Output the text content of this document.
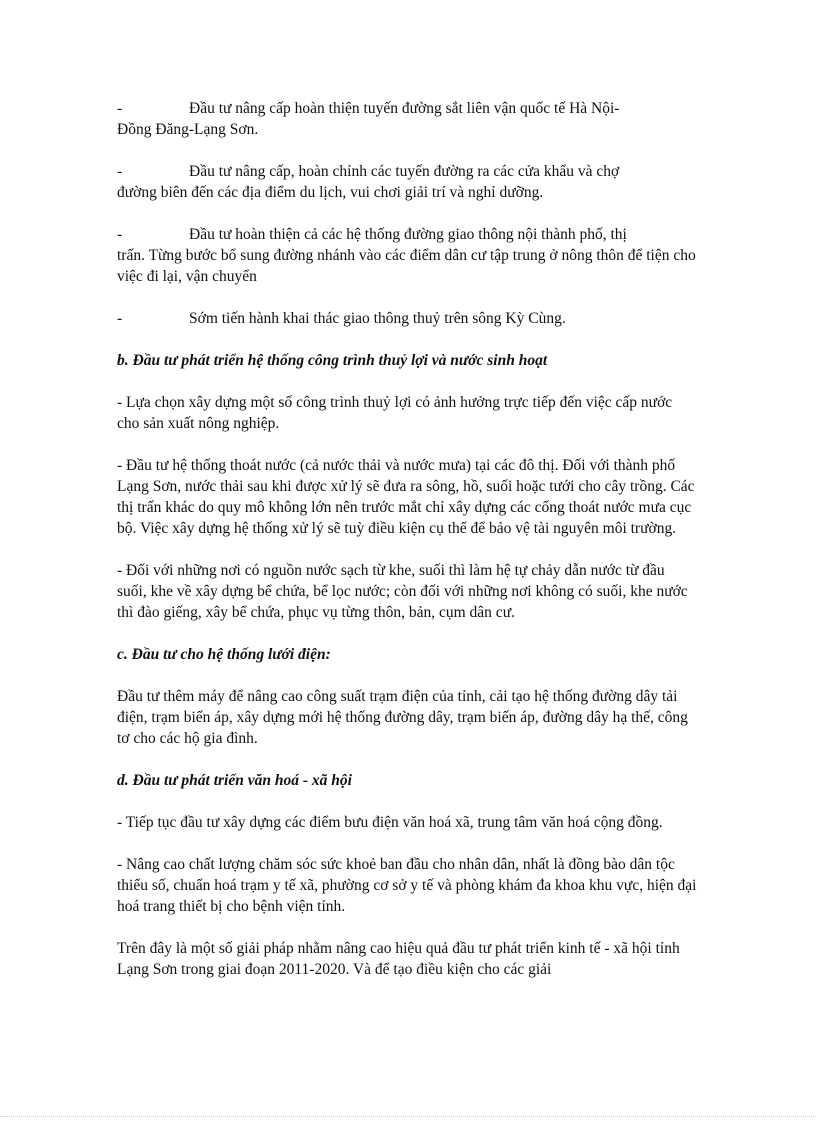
-	Đầu tư nâng cấp hoàn thiện tuyến đường sắt liên vận quốc tế Hà Nội-
Đồng Đăng-Lạng Sơn.
-	Đầu tư nâng cấp, hoàn chỉnh các tuyến đường ra các cửa khẩu và chợ
đường biên đến các địa điểm du lịch, vui chơi giải trí và nghỉ dưỡng.
-	Đầu tư hoàn thiện cả các hệ thống đường giao thông nội thành phố, thị
trấn. Từng bước bổ sung đường nhánh vào các điểm dân cư tập trung ở nông thôn để tiện cho việc đi lại, vận chuyển
-	Sớm tiến hành khai thác giao thông thuỷ trên sông Kỳ Cùng.
b. Đầu tư phát triển hệ thống công trình thuỷ lợi và nước sinh hoạt
- Lựa chọn xây dựng một số công trình thuỷ lợi có ảnh hưởng trực tiếp đến việc cấp nước cho sản xuất nông nghiệp.
- Đầu tư hệ thống thoát nước (cả nước thải và nước mưa) tại các đô thị. Đối với thành phố Lạng Sơn, nước thải sau khi được xử lý sẽ đưa ra sông, hồ, suối hoặc tưới cho cây trồng. Các thị trấn khác do quy mô không lớn nên trước mắt chỉ xây dựng các cống thoát nước mưa cục bộ. Việc xây dựng hệ thống xử lý sẽ tuỳ điều kiện cụ thể để bảo vệ tài nguyên môi trường.
- Đối với những nơi có nguồn nước sạch từ khe, suối thì làm hệ tự chảy dẫn nước từ đầu suối, khe về xây dựng bể chứa, bể lọc nước; còn đối với những nơi không có suối, khe nước thì đào giếng, xây bể chứa, phục vụ từng thôn, bản, cụm dân cư.
c. Đầu tư cho hệ thống lưới điện:
Đầu tư thêm máy để nâng cao công suất trạm điện của tỉnh, cải tạo hệ thống đường dây tải điện, trạm biến áp, xây dựng mới hệ thống đường dây, trạm biến áp, đường dây hạ thế, công tơ cho các hộ gia đình.
d. Đầu tư phát triển văn hoá - xã hội
- Tiếp tục đầu tư xây dựng các điểm bưu điện văn hoá xã, trung tâm văn hoá cộng đồng.
- Nâng cao chất lượng chăm sóc sức khoẻ ban đầu cho nhân dân, nhất là đồng bào dân tộc thiểu số, chuẩn hoá trạm y tế xã, phường cơ sở y tế và phòng khám đa khoa khu vực, hiện đại hoá trang thiết bị cho bệnh viện tỉnh.
Trên đây là một số giải pháp nhằm nâng cao hiệu quả đầu tư phát triển kinh tế - xã hội tỉnh Lạng Sơn trong giai đoạn 2011-2020. Và để tạo điều kiện cho các giải
